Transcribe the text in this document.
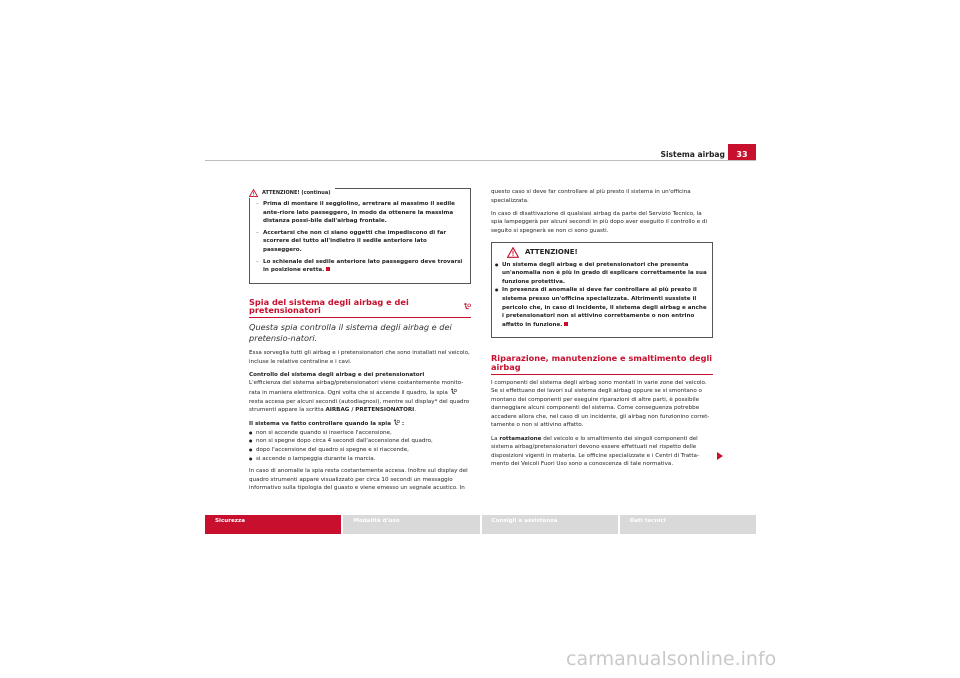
Sistema airbag	33
ATTENZIONE! (continua)
– Prima di montare il seggiolino, arretrare al massimo il sedile ante-riore lato passeggero, in modo da ottenere la massima distanza possi-bile dall'airbag frontale.
– Accertarsi che non ci siano oggetti che impediscono di far scorrere del tutto all'indietro il sedile anteriore lato passeggero.
– Lo schienale del sedile anteriore lato passeggero deve trovarsi in posizione eretta.
Spia del sistema degli airbag e dei pretensionatori

Questa spia controlla il sistema degli airbag e dei pretensio-natori.

Essa sorveglia tutti gli airbag e i pretensionatori che sono installati nel veicolo, incluse le relative centraline e i cavi.

Controllo del sistema degli airbag e dei pretensionatori

L'efficienza del sistema airbag/pretensionatori viene costantemente monito-rata in maniera elettronica. Ogni volta che si accende il quadro, la spia  resta accesa per alcuni secondi (autodiagnosi), mentre sul display* del quadro strumenti appare la scritta AIRBAG / PRETENSIONATORI.

Il sistema va fatto controllare quando la spia :

● non si accende quando si inserisce l'accensione,
● non si spegne dopo circa 4 secondi dall'accensione del quadro,
● dopo l'accensione del quadro si spegne e si riaccende,
● si accende o lampeggia durante la marcia.

In caso di anomalie la spia resta costantemente accesa. Inoltre sul display del quadro strumenti appare visualizzato per circa 10 secondi un messaggio informativo sulla tipologia del guasto e viene emesso un segnale acustico. In

questo caso si deve far controllare al più presto il sistema in un'officina specializzata.

In caso di disattivazione di qualsiasi airbag da parte del Servizio Tecnico, la spia lampeggerà per alcuni secondi in più dopo aver eseguito il controllo e di seguito si spegnerà se non ci sono guasti.

ATTENZIONE!
● Un sistema degli airbag e dei pretensionatori che presenta un'anomalia non è più in grado di esplicare correttamente la sua funzione protettiva.
● In presenza di anomalie si deve far controllare al più presto il sistema presso un'officina specializzata. Altrimenti sussiste il pericolo che, in caso di incidente, il sistema degli airbag e anche i pretensionatori non si attivino correttamente o non entrino affatto in funzione.
Riparazione, manutenzione e smaltimento degli airbag

I componenti del sistema degli airbag sono montati in varie zone del veicolo. Se si effettuano dei lavori sul sistema degli airbag oppure se si smontano o montano dei componenti per eseguire riparazioni di altre parti, è possibile danneggiare alcuni componenti del sistema. Come conseguenza potrebbe accadere allora che, nel caso di un incidente, gli airbag non funzionino corret-tamente o non si attivino affatto.

La rottamazione del veicolo e lo smaltimento dei singoli componenti del sistema airbag/pretensionatori devono essere effettuati nel rispetto delle disposizioni vigenti in materia. Le officine specializzate e i Centri di Tratta-mento dei Veicoli Fuori Uso sono a conoscenza di tale normativa.

Sicurezza	Modalità d'uso	Consigli e assistenza	Dati tecnici
carmanualsonline.info
